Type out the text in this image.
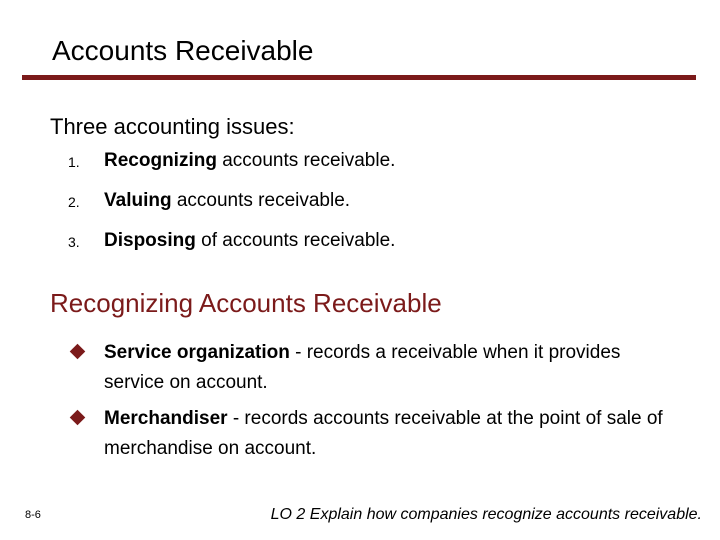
Accounts Receivable
Three accounting issues:
1. Recognizing accounts receivable.
2. Valuing accounts receivable.
3. Disposing of accounts receivable.
Recognizing Accounts Receivable
Service organization - records a receivable when it provides service on account.
Merchandiser - records accounts receivable at the point of sale of merchandise on account.
8-6	LO 2 Explain how companies recognize accounts receivable.
